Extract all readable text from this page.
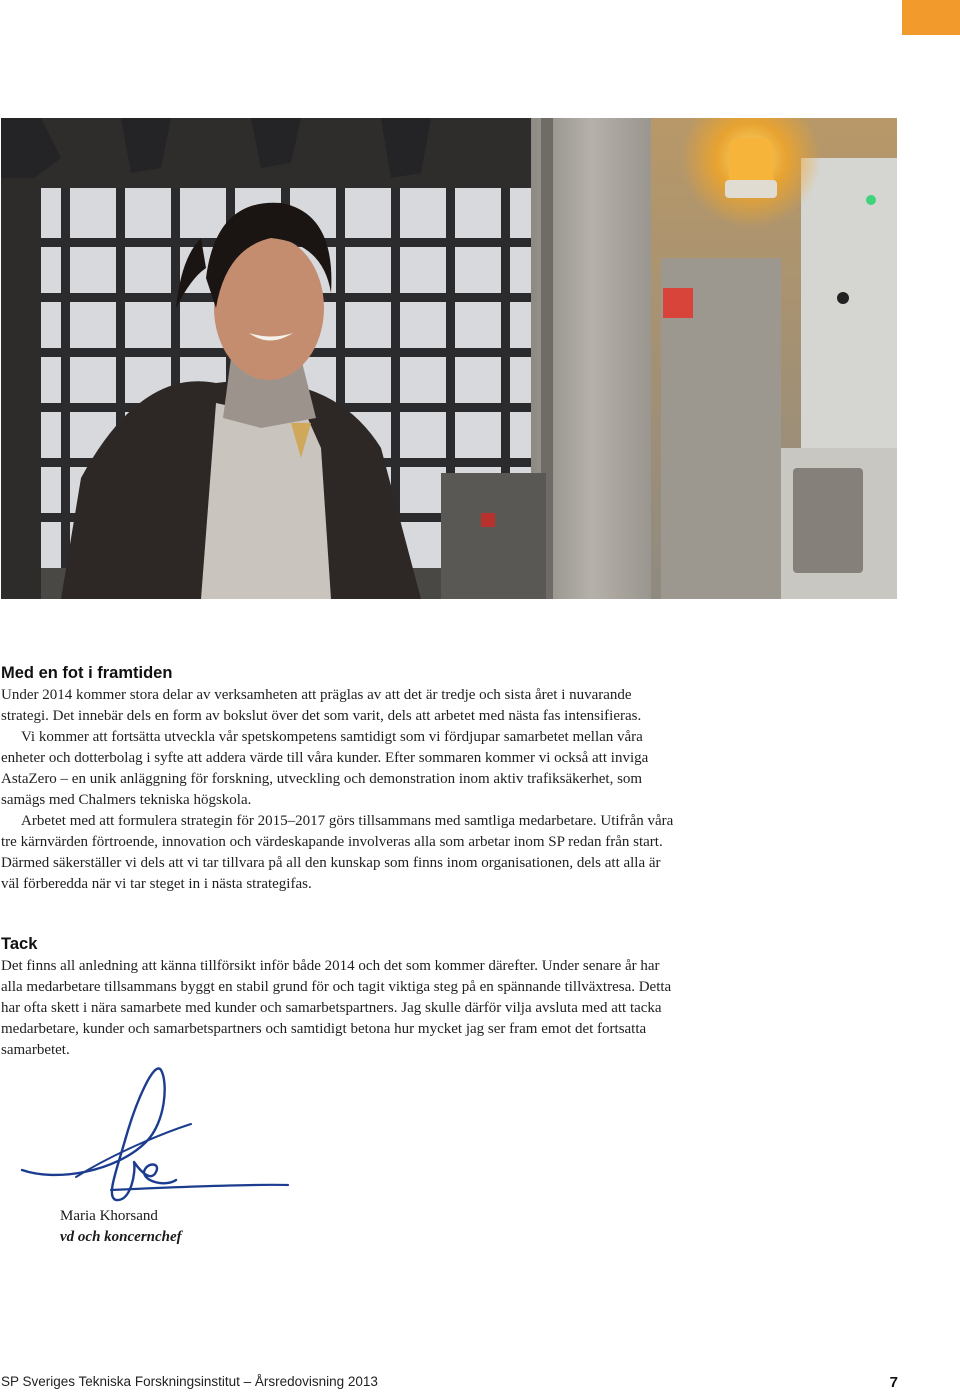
Med en fot i framtiden

Under 2014 kommer stora delar av verksamheten att präglas av att det är tredje och sista året i nuvarande strategi. Det innebär dels en form av bokslut över det som varit, dels att arbetet med nästa fas intensifieras.

Vi kommer att fortsätta utveckla vår spetskompetens samtidigt som vi fördjupar samarbetet mellan våra enheter och dotterbolag i syfte att addera värde till våra kunder. Efter sommaren kommer vi också att inviga AstaZero – en unik anläggning för forskning, utveckling och demonstration inom aktiv trafiksäkerhet, som samägs med Chalmers tekniska högskola.

Arbetet med att formulera strategin för 2015–2017 görs tillsammans med samtliga medarbetare. Utifrån våra tre kärnvärden förtroende, innovation och värdeskapande involveras alla som arbetar inom SP redan från start. Därmed säkerställer vi dels att vi tar tillvara på all den kunskap som finns inom organisationen, dels att alla är väl förberedda när vi tar steget in i nästa strategifas.

Tack

Det finns all anledning att känna tillförsikt inför både 2014 och det som kommer därefter. Under senare år har alla medarbetare tillsammans byggt en stabil grund för och tagit viktiga steg på en spännande tillväxtresa. Detta har ofta skett i nära samarbete med kunder och samarbetspartners. Jag skulle därför vilja avsluta med att tacka medarbetare, kunder och samarbetspartners och samtidigt betona hur mycket jag ser fram emot det fortsatta samarbetet.

Maria Khorsand
vd och koncernchef
SP Sveriges Tekniska Forskningsinstitut – Årsredovisning 2013	7
